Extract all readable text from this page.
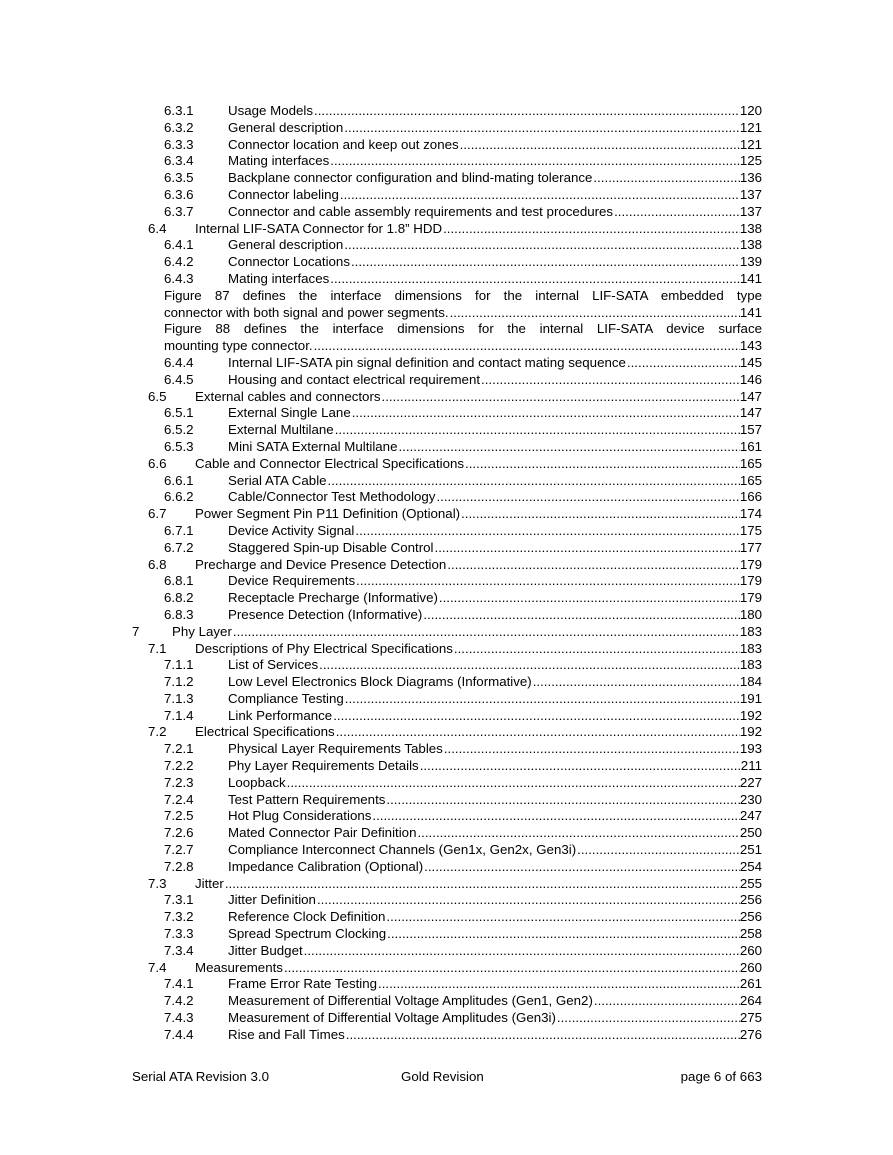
6.3.1	Usage Models .....	120
6.3.2	General description .....	121
6.3.3	Connector location and keep out zones .....	121
6.3.4	Mating interfaces .....	125
6.3.5	Backplane connector configuration and blind-mating tolerance .....	136
6.3.6	Connector labeling .....	137
6.3.7	Connector and cable assembly requirements and test procedures .....	137
6.4 Internal LIF-SATA Connector for 1.8” HDD .....	138
6.4.1	General description .....	138
6.4.2	Connector Locations .....	139
6.4.3	Mating interfaces .....	141
Figure 87 defines the interface dimensions for the internal LIF-SATA embedded type
connector with both signal and power segments. .....	141
Figure 88 defines the interface dimensions for the internal LIF-SATA device surface
mounting type connector. .....	143
6.4.4	Internal LIF-SATA pin signal definition and contact mating sequence .....	145
6.4.5	Housing and contact electrical requirement .....	146
6.5 External cables and connectors .....	147
6.5.1	External Single Lane .....	147
6.5.2	External Multilane .....	157
6.5.3	Mini SATA External Multilane .....	161
6.6 Cable and Connector Electrical Specifications .....	165
6.6.1	Serial ATA Cable .....	165
6.6.2	Cable/Connector Test Methodology .....	166
6.7 Power Segment Pin P11 Definition (Optional) .....	174
6.7.1	Device Activity Signal .....	175
6.7.2	Staggered Spin-up Disable Control .....	177
6.8 Precharge and Device Presence Detection .....	179
6.8.1	Device Requirements .....	179
6.8.2	Receptacle Precharge (Informative) .....	179
6.8.3	Presence Detection (Informative) .....	180
7 Phy Layer .....	183
7.1 Descriptions of Phy Electrical Specifications .....	183
7.1.1	List of Services .....	183
7.1.2	Low Level Electronics Block Diagrams (Informative) .....	184
7.1.3	Compliance Testing .....	191
7.1.4	Link Performance .....	192
7.2 Electrical Specifications .....	192
7.2.1	Physical Layer Requirements Tables .....	193
7.2.2	Phy Layer Requirements Details .....	211
7.2.3	Loopback .....	227
7.2.4	Test Pattern Requirements .....	230
7.2.5	Hot Plug Considerations .....	247
7.2.6	Mated Connector Pair Definition .....	250
7.2.7	Compliance Interconnect Channels (Gen1x, Gen2x, Gen3i) .....	251
7.2.8	Impedance Calibration (Optional) .....	254
7.3 Jitter .....	255
7.3.1	Jitter Definition .....	256
7.3.2	Reference Clock Definition .....	256
7.3.3	Spread Spectrum Clocking .....	258
7.3.4	Jitter Budget .....	260
7.4 Measurements .....	260
7.4.1	Frame Error Rate Testing .....	261
7.4.2	Measurement of Differential Voltage Amplitudes (Gen1, Gen2) .....	264
7.4.3	Measurement of Differential Voltage Amplitudes (Gen3i) .....	275
7.4.4	Rise and Fall Times .....	276
Serial ATA Revision 3.0	Gold Revision	page 6 of 663
